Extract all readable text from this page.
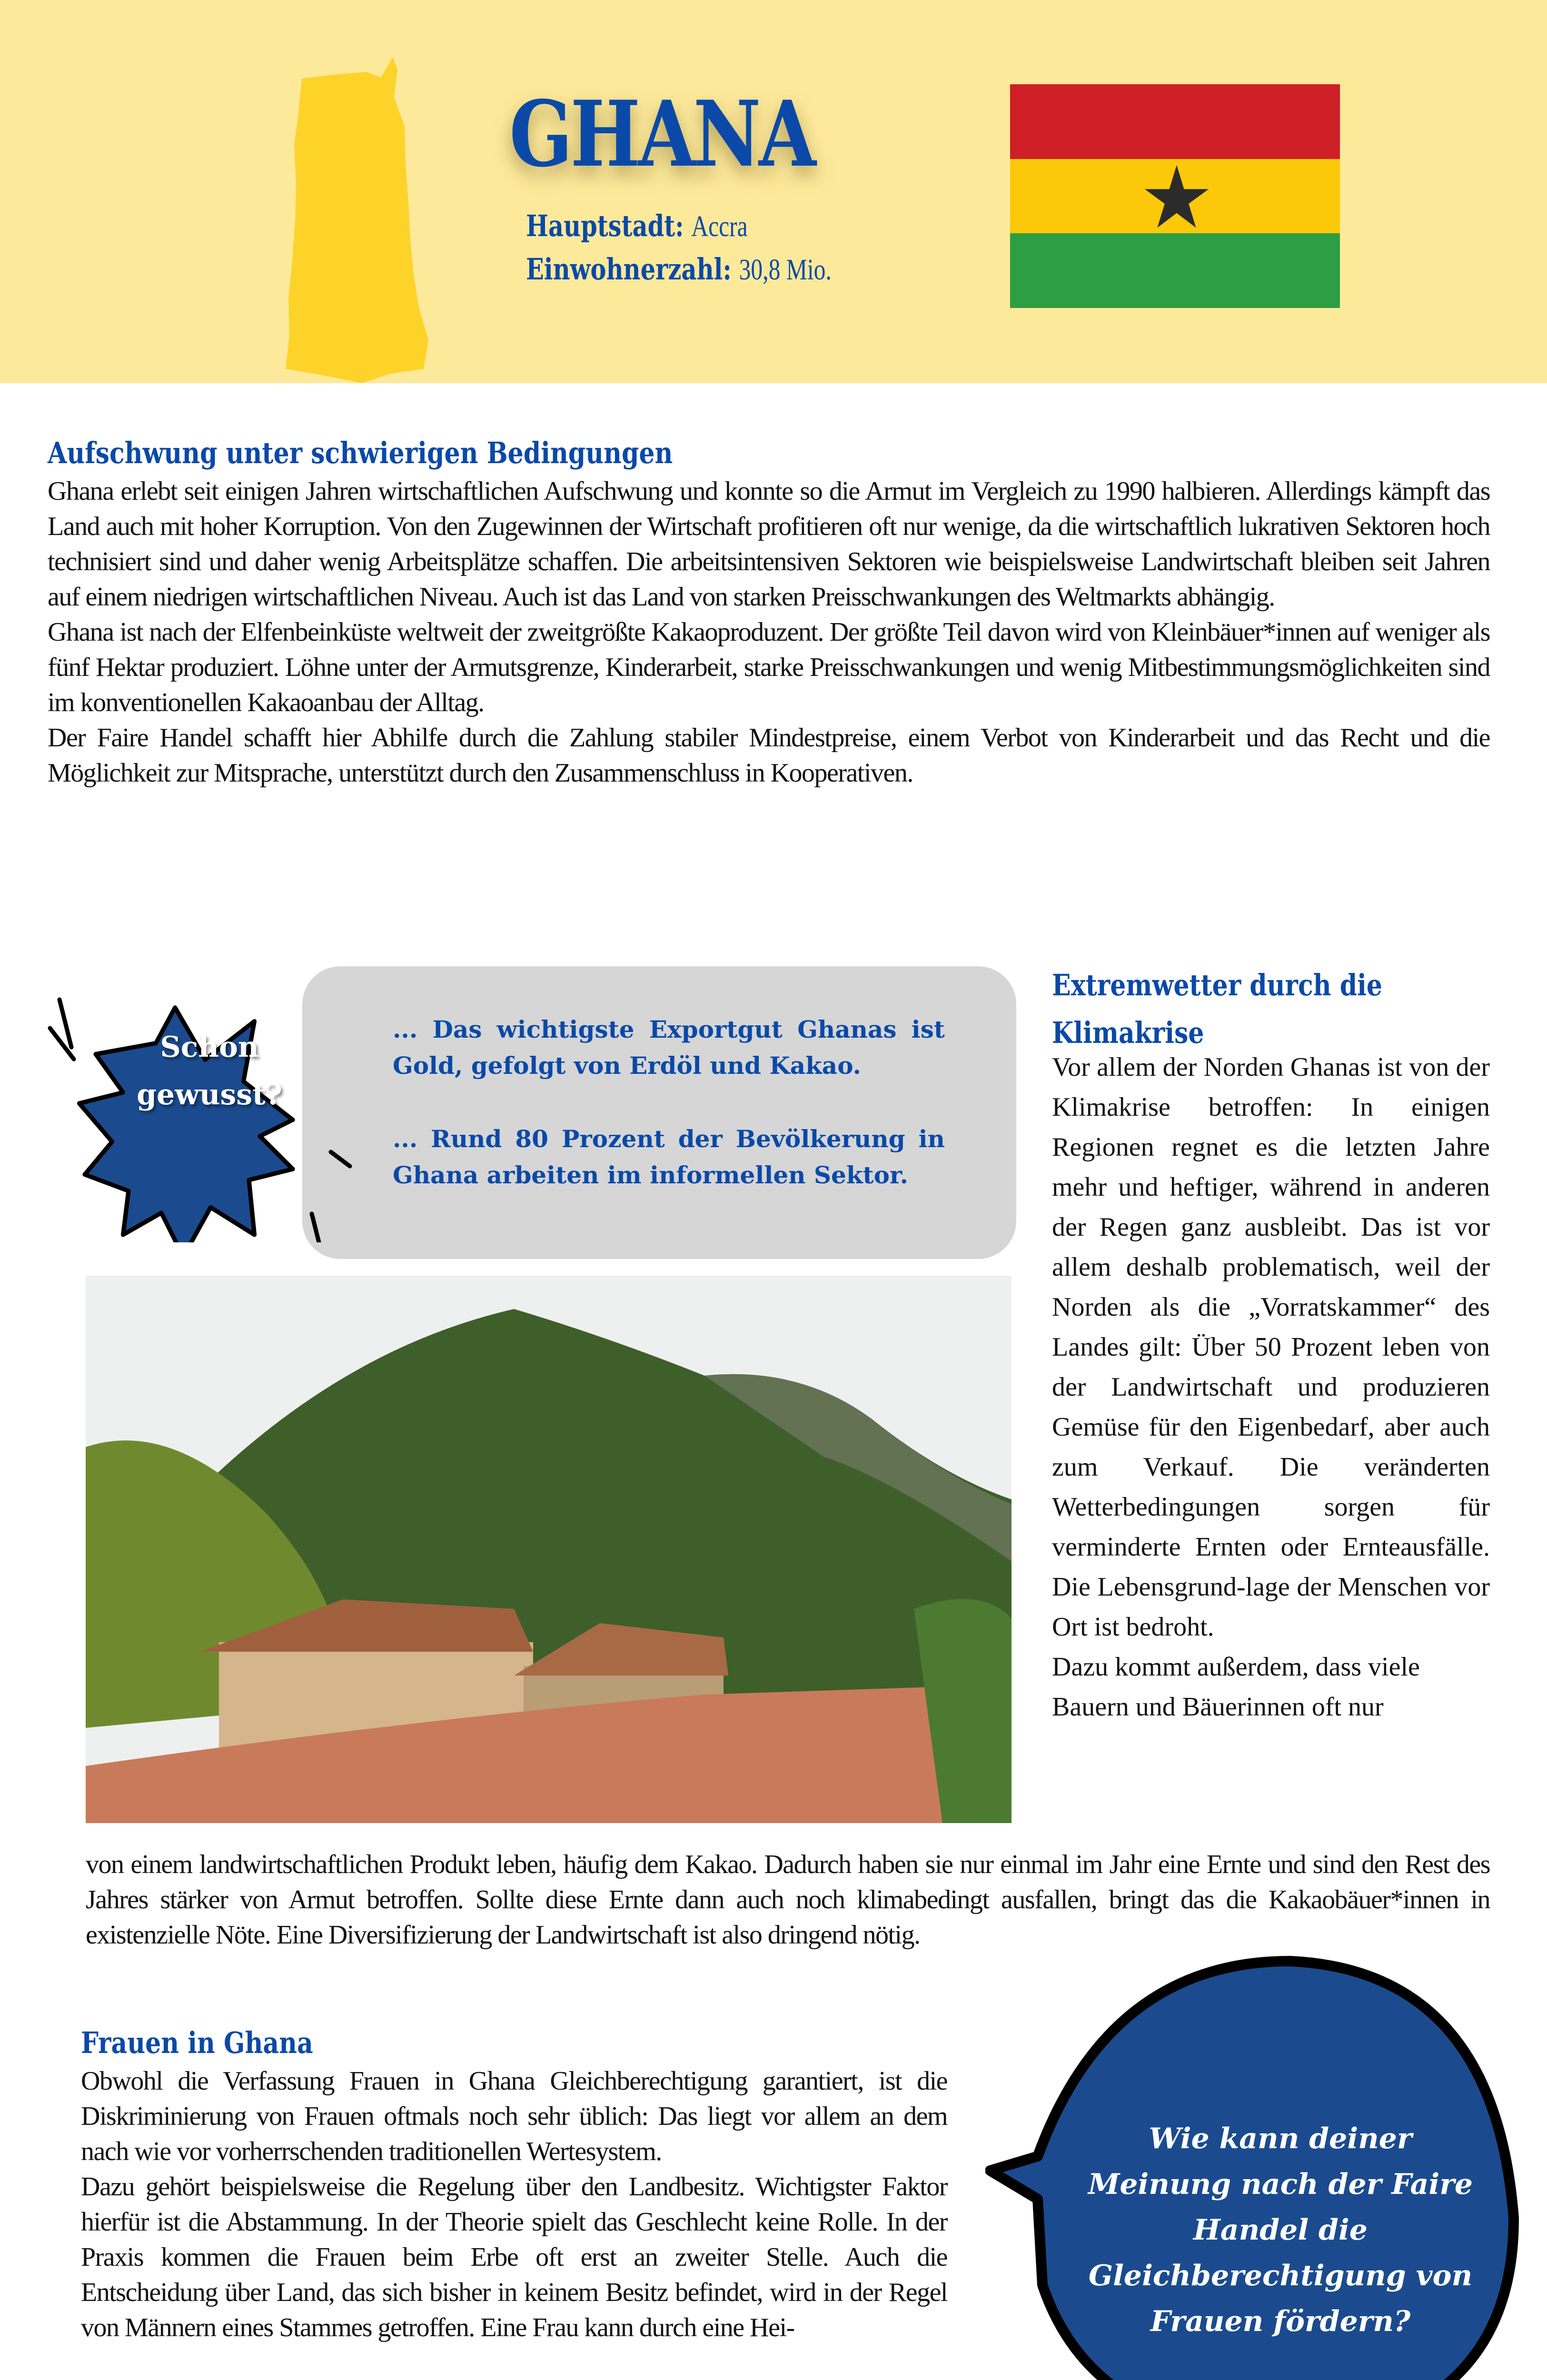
GHANA
Hauptstadt: Accra
Einwohnerzahl: 30,8 Mio.
Aufschwung unter schwierigen Bedingungen

Ghana erlebt seit einigen Jahren wirtschaftlichen Aufschwung und konnte so die Armut im Vergleich zu 1990 halbieren. Allerdings kämpft das Land auch mit hoher Korruption. Von den Zugewinnen der Wirtschaft profitieren oft nur wenige, da die wirtschaftlich lukrativen Sektoren hoch technisiert sind und daher wenig Arbeitsplätze schaffen. Die arbeitsintensiven Sektoren wie beispielsweise Landwirtschaft bleiben seit Jahren auf einem niedrigen wirtschaftlichen Niveau. Auch ist das Land von starken Preisschwankungen des Weltmarkts abhängig.

Ghana ist nach der Elfenbeinküste weltweit der zweitgrößte Kakaoproduzent. Der größte Teil davon wird von Kleinbäuer*innen auf weniger als fünf Hektar produziert. Löhne unter der Armutsgrenze, Kinderarbeit, starke Preisschwankungen und wenig Mitbestimmungsmöglichkeiten sind im konventionellen Kakaoanbau der Alltag.

Der Faire Handel schafft hier Abhilfe durch die Zahlung stabiler Mindestpreise, einem Verbot von Kinderarbeit und das Recht und die Möglichkeit zur Mitsprache, unterstützt durch den Zusammenschluss in Kooperativen.

... Das wichtigste Exportgut Ghanas ist Gold, gefolgt von Erdöl und Kakao.
... Rund 80 Prozent der Bevölkerung in Ghana arbeiten im informellen Sektor.
Schon
gewusst?
Extremwetter durch die
Klimakrise

Vor allem der Norden Ghanas ist von der Klimakrise betroffen: In einigen Regionen regnet es die letzten Jahre mehr und heftiger, während in anderen der Regen ganz ausbleibt. Das ist vor allem deshalb problematisch, weil der Norden als die „Vorratskammer“ des Landes gilt: Über 50 Prozent leben von der Landwirtschaft und produzieren Gemüse für den Eigenbedarf, aber auch zum Verkauf. Die veränderten Wetterbedingungen sorgen für verminderte Ernten oder Ernteausfälle. Die Lebensgrund-lage der Menschen vor Ort ist bedroht.

Dazu kommt außerdem, dass viele Bauern und Bäuerinnen oft nur

von einem landwirtschaftlichen Produkt leben, häufig dem Kakao. Dadurch haben sie nur einmal im Jahr eine Ernte und sind den Rest des Jahres stärker von Armut betroffen. Sollte diese Ernte dann auch noch klimabedingt ausfallen, bringt das die Kakaobäuer*innen in existenzielle Nöte. Eine Diversifizierung der Landwirtschaft ist also dringend nötig.
Frauen in Ghana

Obwohl die Verfassung Frauen in Ghana Gleichberechtigung garantiert, ist die Diskriminierung von Frauen oftmals noch sehr üblich: Das liegt vor allem an dem nach wie vor vorherrschenden traditionellen Wertesystem.

Dazu gehört beispielsweise die Regelung über den Landbesitz. Wichtigster Faktor hierfür ist die Abstammung. In der Theorie spielt das Geschlecht keine Rolle. In der Praxis kommen die Frauen beim Erbe oft erst an zweiter Stelle. Auch die Entscheidung über Land, das sich bisher in keinem Besitz befindet, wird in der Regel von Männern eines Stammes getroffen. Eine Frau kann durch eine Hei-

Wie kann deiner Meinung nach der Faire Handel die Gleichberechtigung von Frauen fördern?
